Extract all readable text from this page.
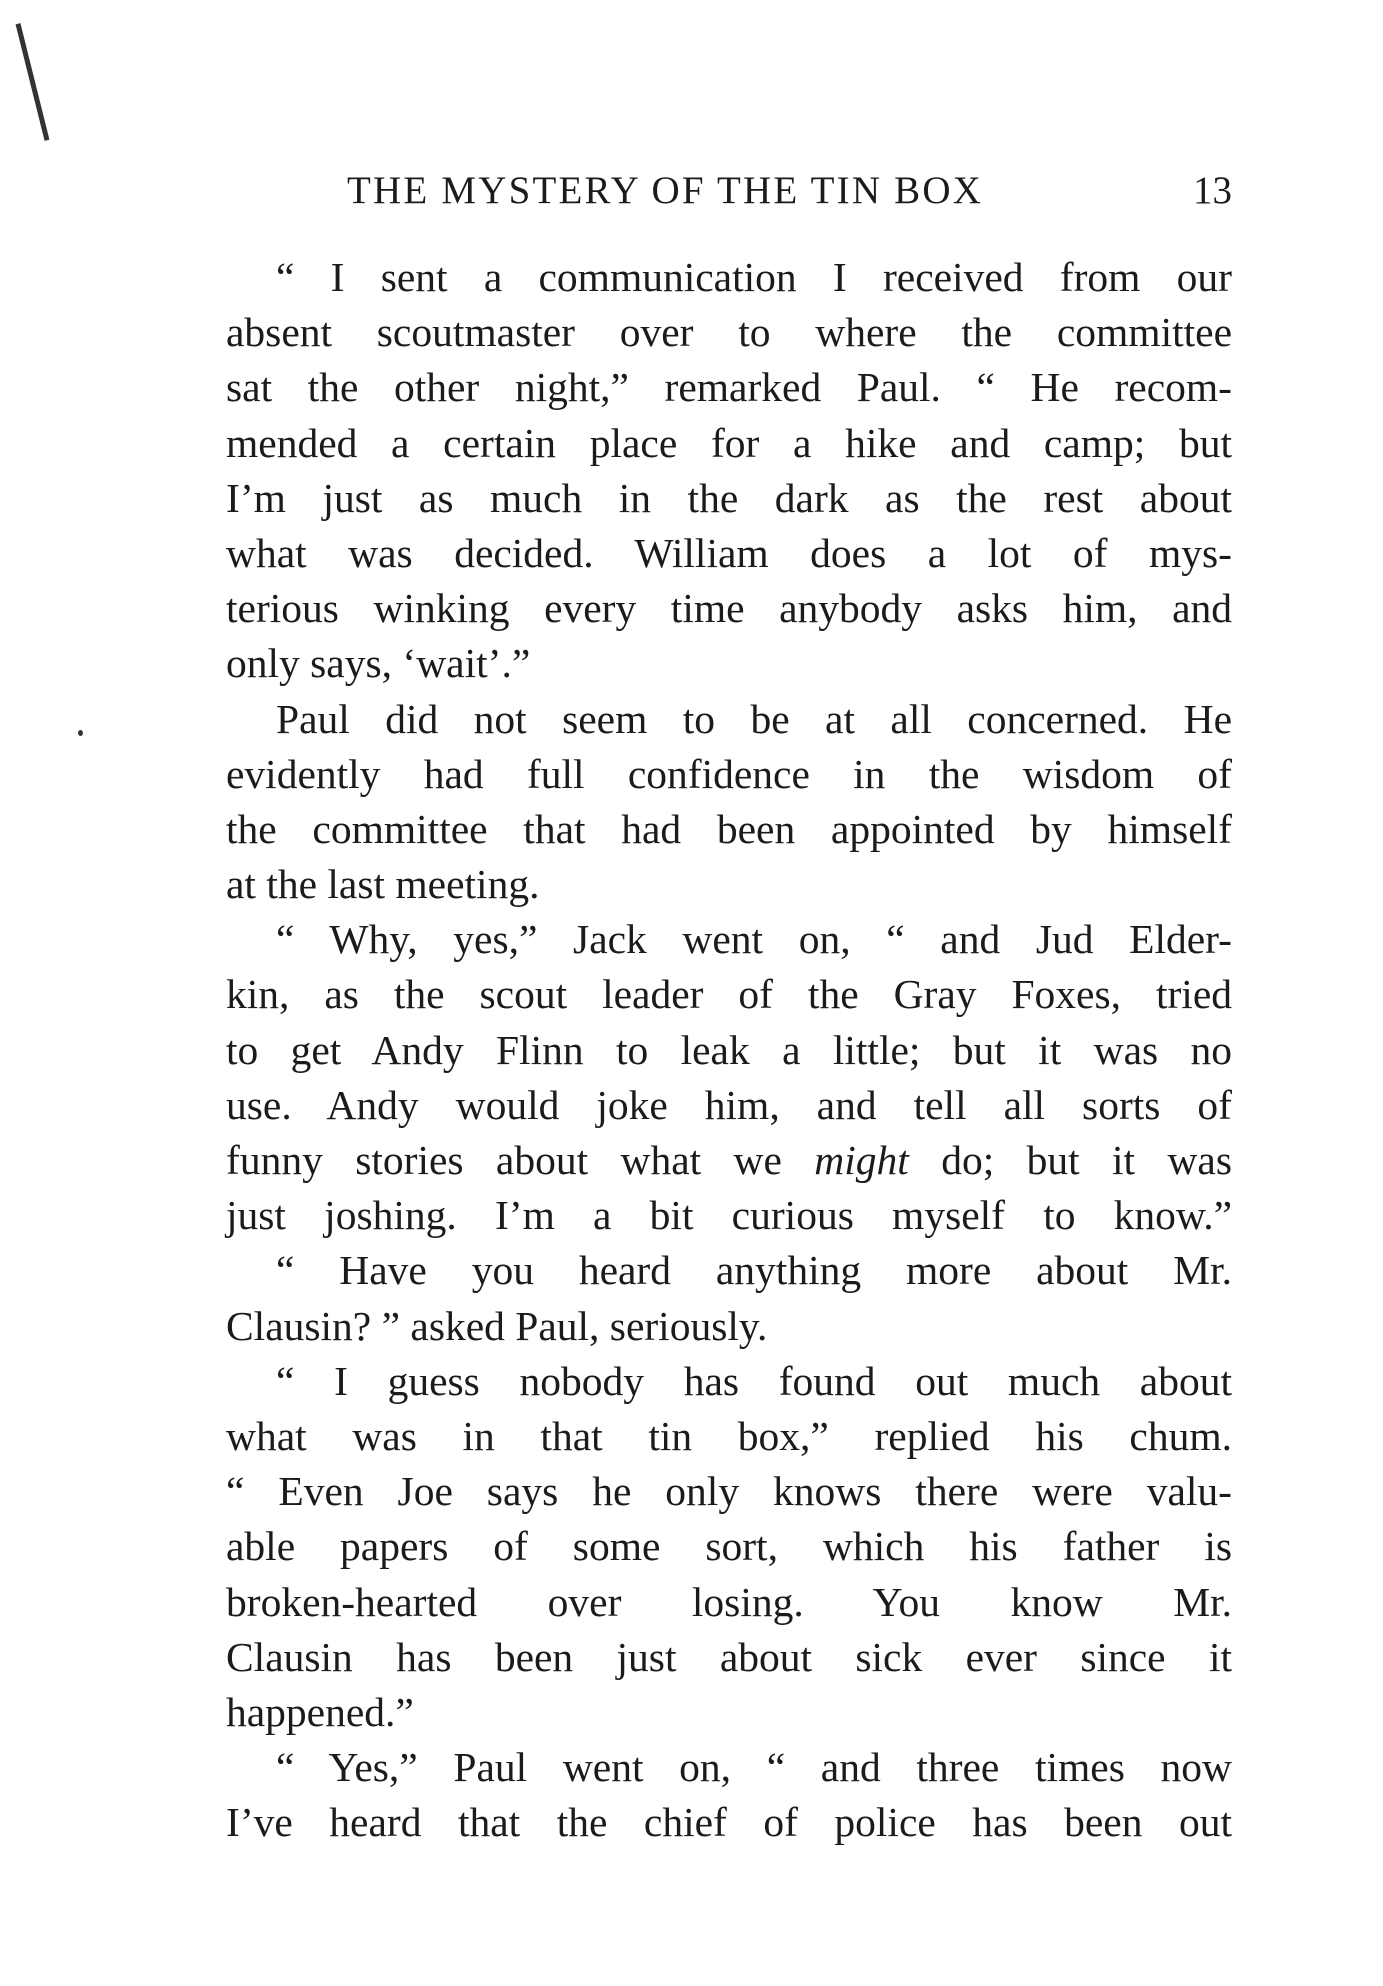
THE MYSTERY OF THE TIN BOX	13
“ I sent a communication I received from our
absent scoutmaster over to where the committee
sat the other night,” remarked Paul. “ He recom-
mended a certain place for a hike and camp; but
I’m just as much in the dark as the rest about
what was decided. William does a lot of mys-
terious winking every time anybody asks him, and
only says, ‘wait’.”
Paul did not seem to be at all concerned. He
evidently had full confidence in the wisdom of
the committee that had been appointed by himself
at the last meeting.
“ Why, yes,” Jack went on, “ and Jud Elder-
kin, as the scout leader of the Gray Foxes, tried
to get Andy Flinn to leak a little; but it was no
use. Andy would joke him, and tell all sorts of
funny stories about what we might do; but it was
just joshing. I’m a bit curious myself to know.”
“ Have you heard anything more about Mr.
Clausin? ” asked Paul, seriously.
“ I guess nobody has found out much about
what was in that tin box,” replied his chum.
“ Even Joe says he only knows there were valu-
able papers of some sort, which his father is
broken-hearted over losing. You know Mr.
Clausin has been just about sick ever since it
happened.”
“ Yes,” Paul went on, “ and three times now
I’ve heard that the chief of police has been out
